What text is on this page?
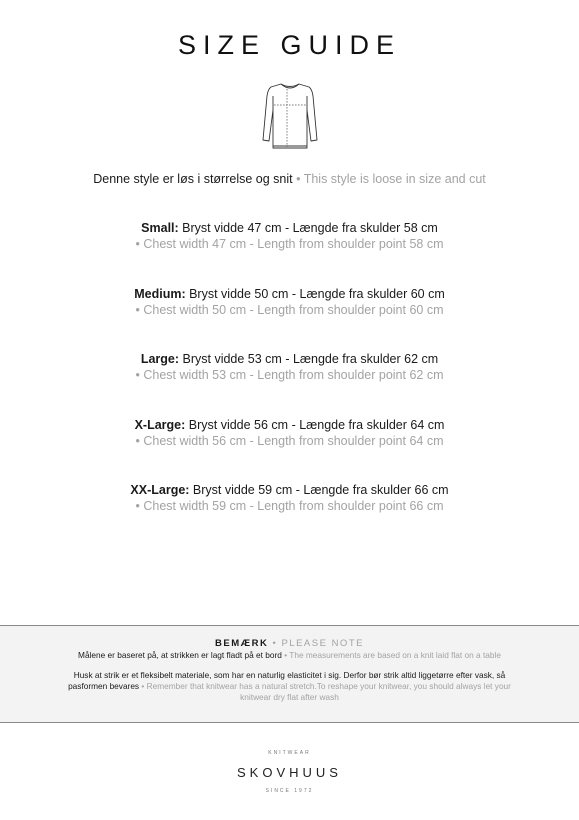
SIZE GUIDE
Denne style er løs i størrelse og snit • This style is loose in size and cut
Small: Bryst vidde 47 cm - Længde fra skulder 58 cm
• Chest width 47 cm - Length from shoulder point 58 cm
Medium: Bryst vidde 50 cm - Længde fra skulder 60 cm
• Chest width 50 cm - Length from shoulder point 60 cm
Large: Bryst vidde 53 cm - Længde fra skulder 62 cm
• Chest width 53 cm - Length from shoulder point 62 cm
X-Large: Bryst vidde 56 cm - Længde fra skulder 64 cm
• Chest width 56 cm - Length from shoulder point 64 cm
XX-Large: Bryst vidde 59 cm - Længde fra skulder 66 cm
• Chest width 59 cm - Length from shoulder point 66 cm
BEMÆRK • PLEASE NOTE
Målene er baseret på, at strikken er lagt fladt på et bord • The measurements are based on a knit laid flat on a table
Husk at strik er et fleksibelt materiale, som har en naturlig elasticitet i sig. Derfor bør strik altid liggetørre efter vask, så pasformen bevares • Remember that knitwear has a natural stretch.To reshape your knitwear, you should always let your knitwear dry flat after wash
KNITWEAR
SKOVHUUS
SINCE 1972
